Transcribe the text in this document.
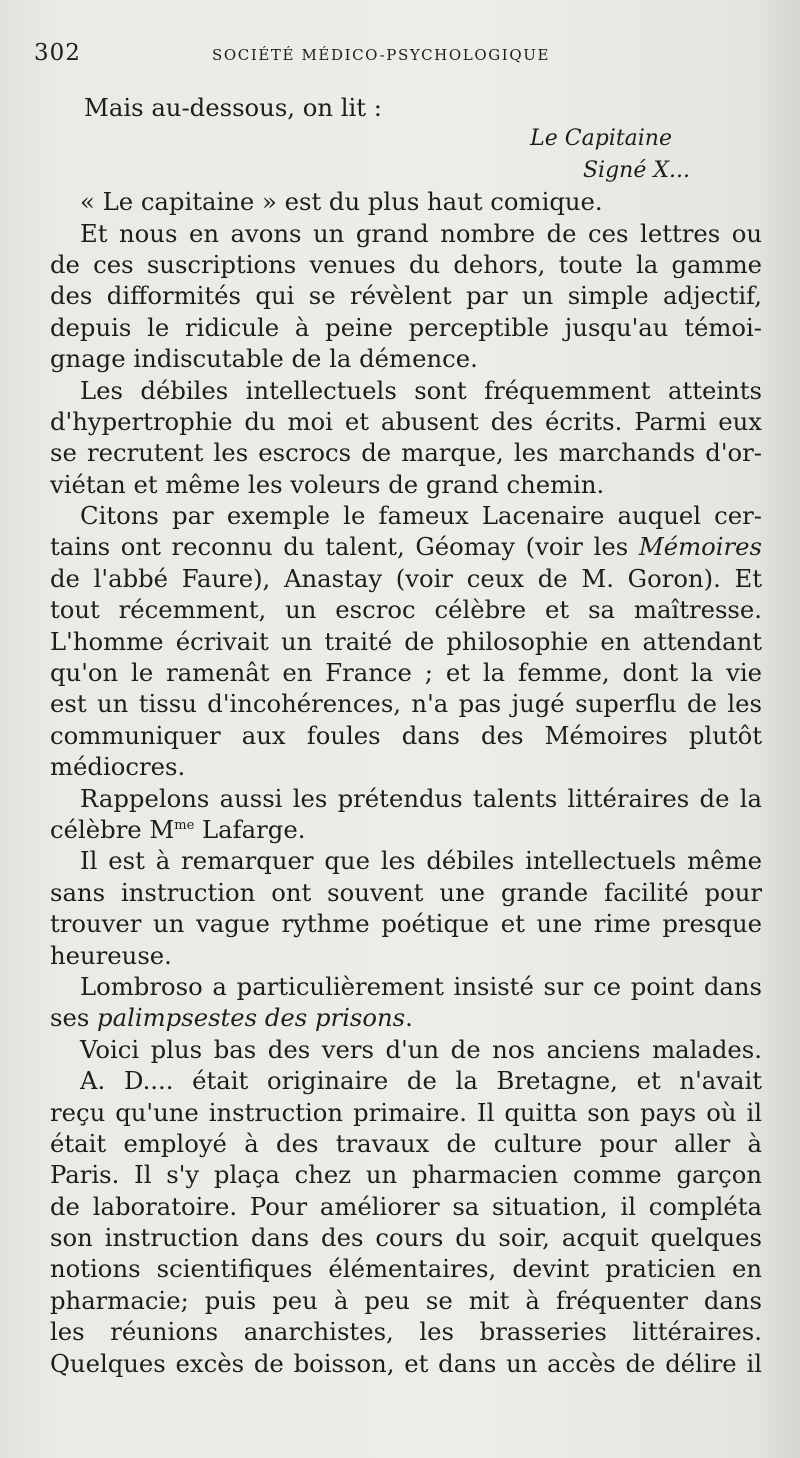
302	SOCIÉTÉ MÉDICO-PSYCHOLOGIQUE
Mais au-dessous, on lit :
Le Capitaine
Signé X...
« Le capitaine » est du plus haut comique.
Et nous en avons un grand nombre de ces lettres ou
de ces suscriptions venues du dehors, toute la gamme
des difformités qui se révèlent par un simple adjectif,
depuis le ridicule à peine perceptible jusqu'au témoi-
gnage indiscutable de la démence.
Les débiles intellectuels sont fréquemment atteints
d'hypertrophie du moi et abusent des écrits. Parmi eux
se recrutent les escrocs de marque, les marchands d'or-
viétan et même les voleurs de grand chemin.
Citons par exemple le fameux Lacenaire auquel cer-
tains ont reconnu du talent, Géomay (voir les Mémoires
de l'abbé Faure), Anastay (voir ceux de M. Goron). Et
tout récemment, un escroc célèbre et sa maîtresse.
L'homme écrivait un traité de philosophie en attendant
qu'on le ramenât en France ; et la femme, dont la vie
est un tissu d'incohérences, n'a pas jugé superflu de les
communiquer aux foules dans des Mémoires plutôt
médiocres.
Rappelons aussi les prétendus talents littéraires de la
célèbre $M^{me}$ Lafarge.
Il est à remarquer que les débiles intellectuels même
sans instruction ont souvent une grande facilité pour
trouver un vague rythme poétique et une rime presque
heureuse.
Lombroso a particulièrement insisté sur ce point dans
ses palimpsestes des prisons.
Voici plus bas des vers d'un de nos anciens malades.
A. D.... était originaire de la Bretagne, et n'avait
reçu qu'une instruction primaire. Il quitta son pays où il
était employé à des travaux de culture pour aller à
Paris. Il s'y plaça chez un pharmacien comme garçon
de laboratoire. Pour améliorer sa situation, il compléta
son instruction dans des cours du soir, acquit quelques
notions scientifiques élémentaires, devint praticien en
pharmacie; puis peu à peu se mit à fréquenter dans
les réunions anarchistes, les brasseries littéraires.
Quelques excès de boisson, et dans un accès de délire il
